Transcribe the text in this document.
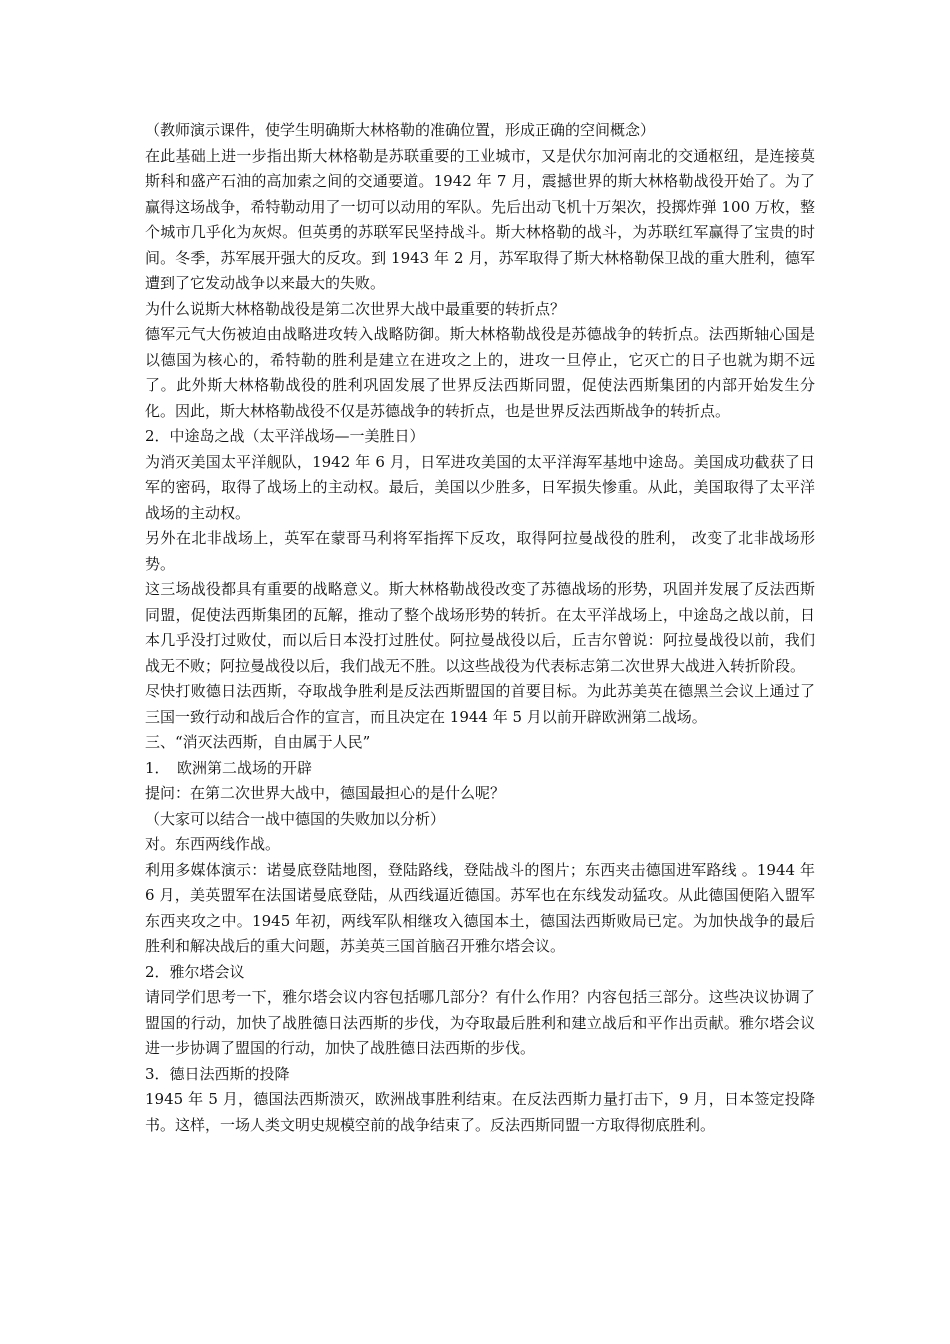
（教师演示课件，使学生明确斯大林格勒的准确位置，形成正确的空间概念）

在此基础上进一步指出斯大林格勒是苏联重要的工业城市，又是伏尔加河南北的交通枢纽，是连接莫斯科和盛产石油的高加索之间的交通要道。1942 年 7 月，震撼世界的斯大林格勒战役开始了。为了赢得这场战争，希特勒动用了一切可以动用的军队。先后出动飞机十万架次，投掷炸弹 100 万枚，整个城市几乎化为灰烬。但英勇的苏联军民坚持战斗。斯大林格勒的战斗，为苏联红军赢得了宝贵的时间。冬季，苏军展开强大的反攻。到 1943 年 2 月，苏军取得了斯大林格勒保卫战的重大胜利，德军遭到了它发动战争以来最大的失败。

为什么说斯大林格勒战役是第二次世界大战中最重要的转折点？

德军元气大伤被迫由战略进攻转入战略防御。斯大林格勒战役是苏德战争的转折点。法西斯轴心国是以德国为核心的，希特勒的胜利是建立在进攻之上的，进攻一旦停止，它灭亡的日子也就为期不远了。此外斯大林格勒战役的胜利巩固发展了世界反法西斯同盟，促使法西斯集团的内部开始发生分化。因此，斯大林格勒战役不仅是苏德战争的转折点，也是世界反法西斯战争的转折点。

2．中途岛之战（太平洋战场—一美胜日）

为消灭美国太平洋舰队，1942 年 6 月，日军进攻美国的太平洋海军基地中途岛。美国成功截获了日军的密码，取得了战场上的主动权。最后，美国以少胜多，日军损失惨重。从此，美国取得了太平洋战场的主动权。

另外在北非战场上，英军在蒙哥马利将军指挥下反攻，取得阿拉曼战役的胜利， 改变了北非战场形势。

这三场战役都具有重要的战略意义。斯大林格勒战役改变了苏德战场的形势，巩固并发展了反法西斯同盟，促使法西斯集团的瓦解，推动了整个战场形势的转折。在太平洋战场上，中途岛之战以前，日本几乎没打过败仗，而以后日本没打过胜仗。阿拉曼战役以后，丘吉尔曾说：阿拉曼战役以前，我们战无不败；阿拉曼战役以后，我们战无不胜。以这些战役为代表标志第二次世界大战进入转折阶段。

尽快打败德日法西斯，夺取战争胜利是反法西斯盟国的首要目标。为此苏美英在德黑兰会议上通过了三国一致行动和战后合作的宣言，而且决定在 1944 年 5 月以前开辟欧洲第二战场。

三、“消灭法西斯，自由属于人民”

1．　欧洲第二战场的开辟

提问：在第二次世界大战中，德国最担心的是什么呢？

（大家可以结合一战中德国的失败加以分析）

对。东西两线作战。

利用多媒体演示：诺曼底登陆地图，登陆路线，登陆战斗的图片；东西夹击德国进军路线 。1944 年 6 月，美英盟军在法国诺曼底登陆，从西线逼近德国。苏军也在东线发动猛攻。从此德国便陷入盟军东西夹攻之中。1945 年初，两线军队相继攻入德国本土，德国法西斯败局已定。为加快战争的最后胜利和解决战后的重大问题，苏美英三国首脑召开雅尔塔会议。

2．雅尔塔会议

请同学们思考一下，雅尔塔会议内容包括哪几部分？有什么作用？内容包括三部分。这些决议协调了盟国的行动，加快了战胜德日法西斯的步伐，为夺取最后胜利和建立战后和平作出贡献。雅尔塔会议进一步协调了盟国的行动，加快了战胜德日法西斯的步伐。

3．德日法西斯的投降

1945 年 5 月，德国法西斯溃灭，欧洲战事胜利结束。在反法西斯力量打击下，9 月，日本签定投降书。这样，一场人类文明史规模空前的战争结束了。反法西斯同盟一方取得彻底胜利。
